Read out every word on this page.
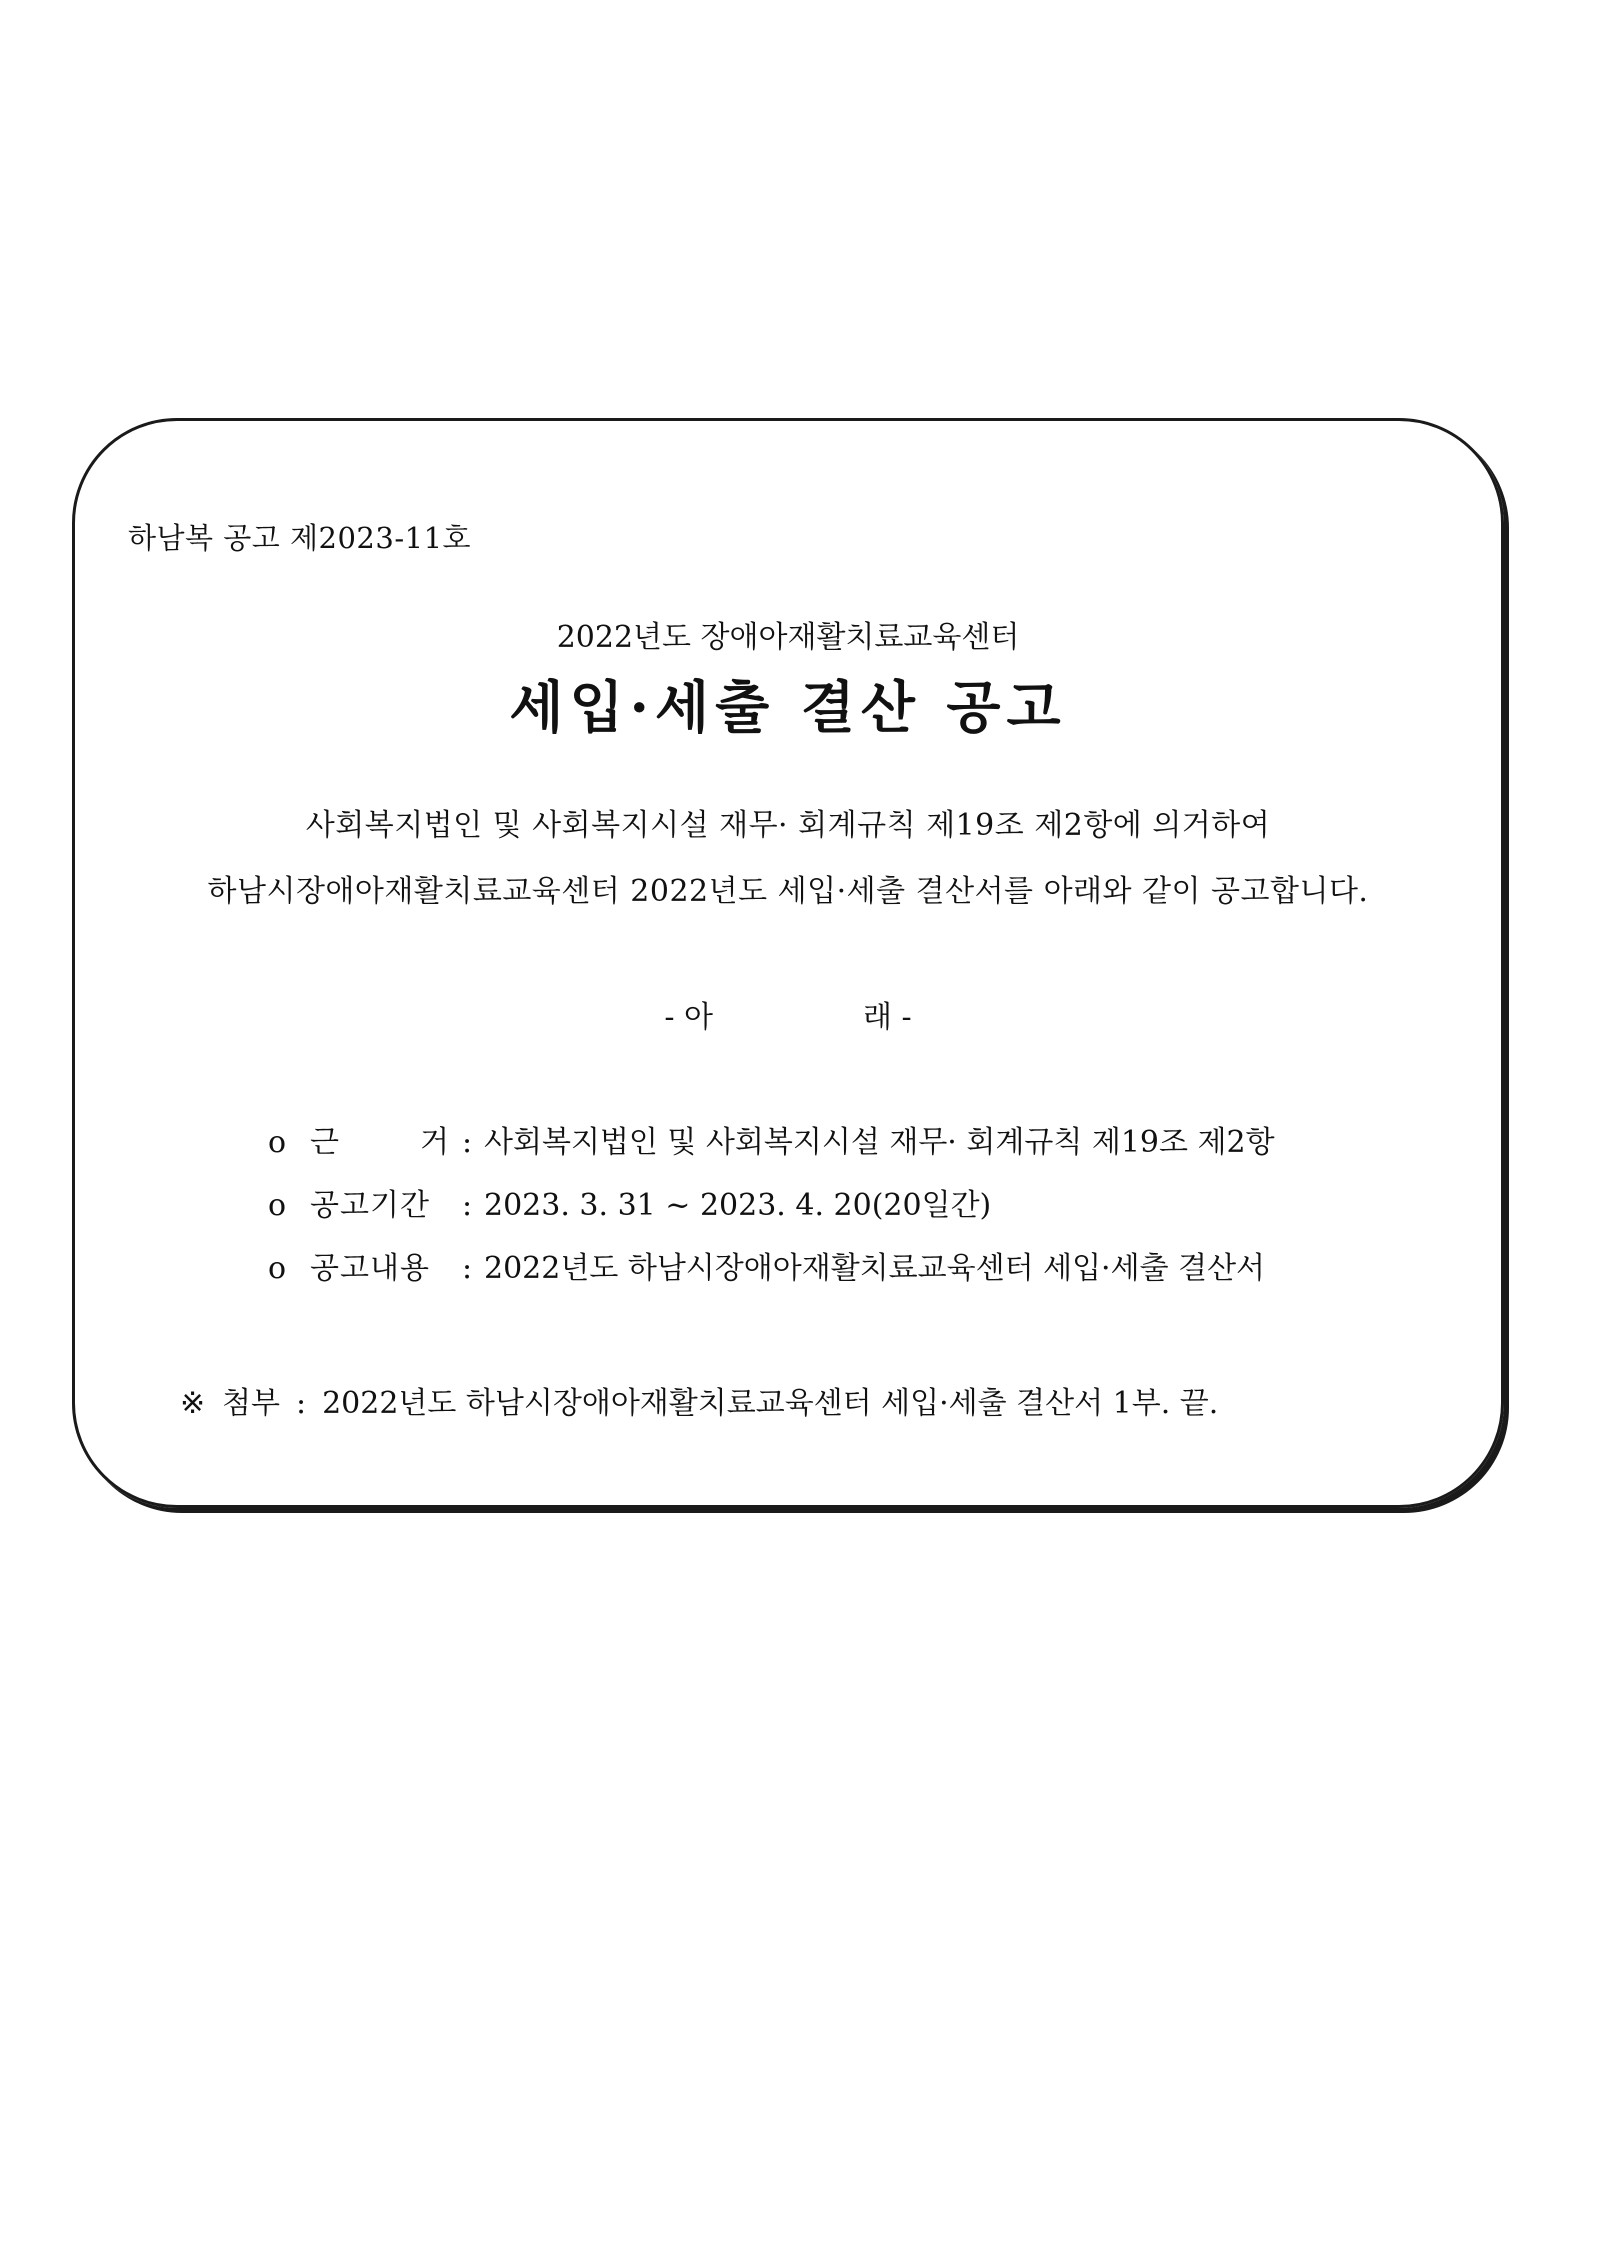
하남복 공고 제2023-11호
2022년도 장애아재활치료교육센터
세입·세출 결산 공고
사회복지법인 및 사회복지시설 재무· 회계규칙 제19조 제2항에 의거하여
하남시장애아재활치료교육센터 2022년도 세입·세출 결산서를 아래와 같이 공고합니다.
- 아	래 -
o 근	거 : 사회복지법인 및 사회복지시설 재무· 회계규칙 제19조 제2항
o 공고기간	: 2023. 3. 31 ~ 2023. 4. 20(20일간)
o 공고내용	: 2022년도 하남시장애아재활치료교육센터 세입·세출 결산서
※ 첨부 : 2022년도 하남시장애아재활치료교육센터 세입·세출 결산서 1부. 끝.
